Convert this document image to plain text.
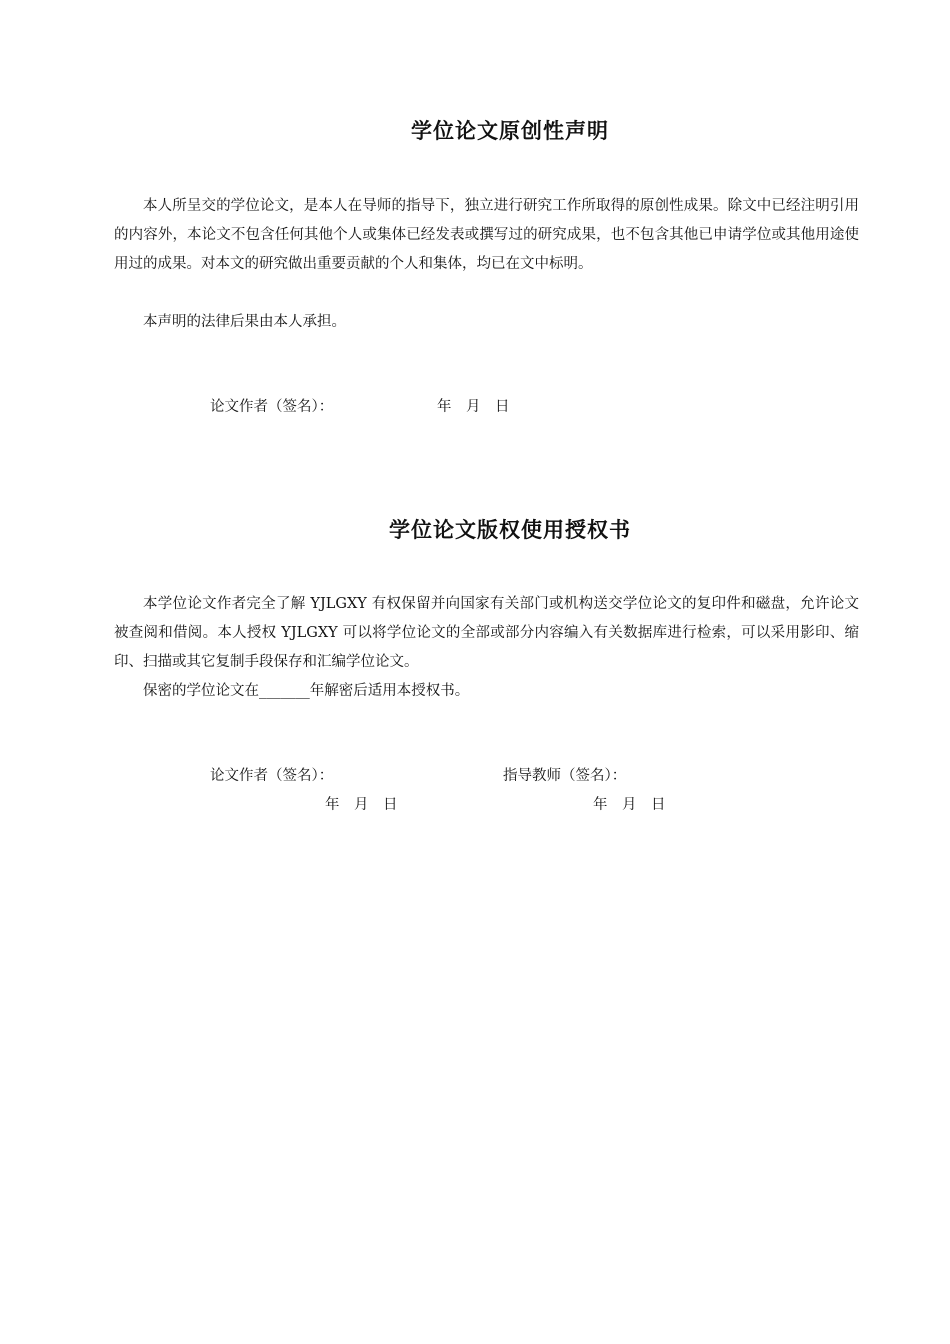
学位论文原创性声明

本人所呈交的学位论文，是本人在导师的指导下，独立进行研究工作所取得的原创性成果。除文中已经注明引用的内容外，本论文不包含任何其他个人或集体已经发表或撰写过的研究成果，也不包含其他已申请学位或其他用途使用过的成果。对本文的研究做出重要贡献的个人和集体，均已在文中标明。

本声明的法律后果由本人承担。

论文作者（签名）：	年　月　日
学位论文版权使用授权书

本学位论文作者完全了解 YJLGXY 有权保留并向国家有关部门或机构送交学位论文的复印件和磁盘，允许论文被查阅和借阅。本人授权 YJLGXY 可以将学位论文的全部或部分内容编入有关数据库进行检索，可以采用影印、缩印、扫描或其它复制手段保存和汇编学位论文。

保密的学位论文在_______年解密后适用本授权书。

论文作者（签名）：	指导教师（签名）：
年　月　日	年　月　日
